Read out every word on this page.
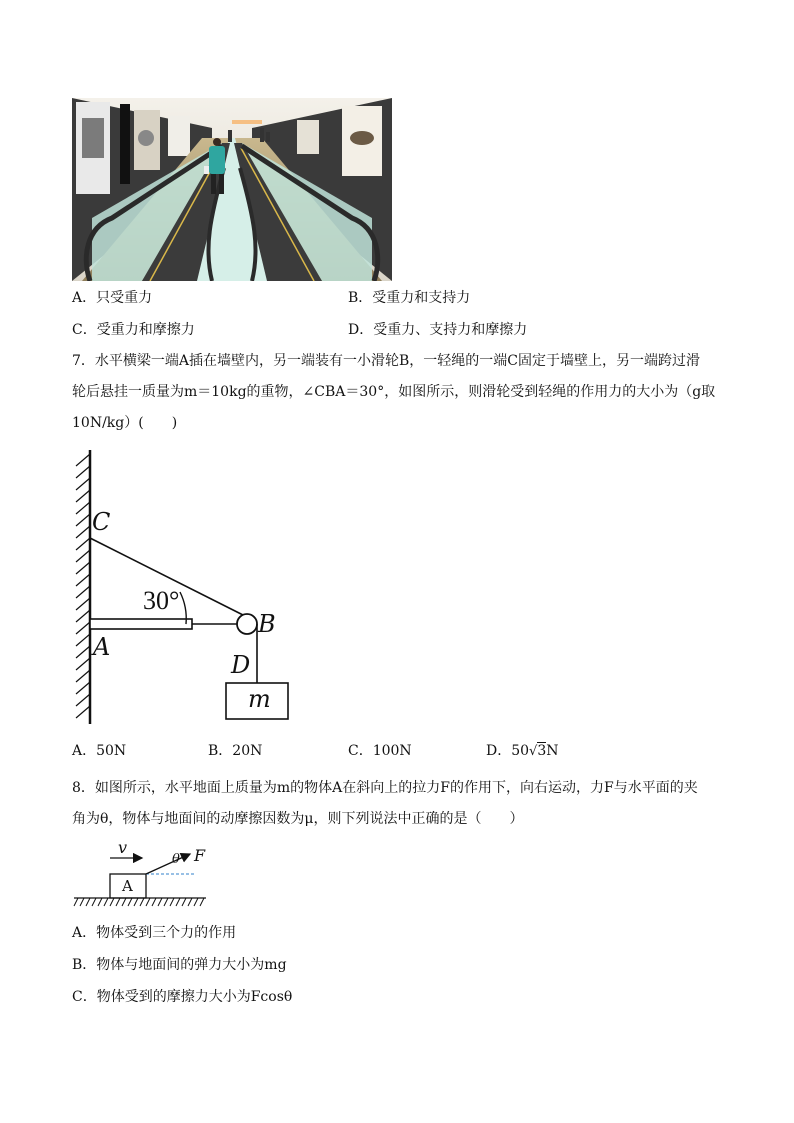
A．只受重力	B．受重力和支持力
C．受重力和摩擦力	D．受重力、支持力和摩擦力
7．水平横梁一端A插在墙壁内，另一端装有一小滑轮B，一轻绳的一端C固定于墙壁上，另一端跨过滑
轮后悬挂一质量为m＝10kg的重物，∠CBA＝30°，如图所示，则滑轮受到轻绳的作用力的大小为（g取
10N/kg）(　　)
C
30°
B
A
D
m
A．50N	B．20N	C．100N	D．50√3N
8．如图所示，水平地面上质量为m的物体A在斜向上的拉力F的作用下，向右运动，力F与水平面的夹
角为θ，物体与地面间的动摩擦因数为μ，则下列说法中正确的是（　　）
v
θ F
A
A．物体受到三个力的作用
B．物体与地面间的弹力大小为mg
C．物体受到的摩擦力大小为Fcosθ
